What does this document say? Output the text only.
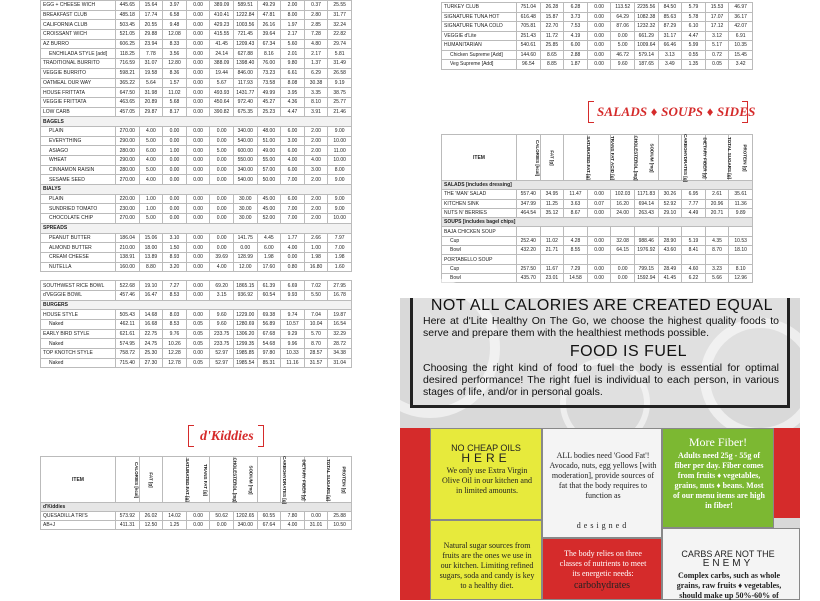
EGG + CHEESE WICH	445.65	15.64	3.97	0.00	389.09	589.51	49.29	2.00	0.37	25.55
BREAKFAST CLUB	485.18	17.74	6.58	0.00	410.41	1222.84	47.81	8.00	2.80	31.77
CALIFORNIA CLUB	503.45	20.55	9.48	0.00	429.23	1003.56	26.16	1.97	2.85	32.24
CROISSANT WICH	521.05	29.88	12.08	0.00	415.55	721.45	39.64	2.17	7.28	22.82
AZ BURRO	606.25	23.94	8.33	0.00	41.45	1209.43	67.34	5.60	4.80	29.74
ENCHILADA STYLE [add]	118.25	7.78	3.56	0.00	24.14	627.88	8.16	2.01	2.17	5.81
TRADITIONAL BURRITO	716.59	31.07	12.80	0.00	388.09	1398.40	76.00	9.80	1.37	31.49
VEGGIE BURRITO	598.21	19.58	8.36	0.00	19.44	846.00	73.23	6.61	6.29	26.58
OATMEAL OUR WAY	365.22	5.64	1.57	0.00	5.67	117.93	73.58	8.08	30.38	9.19
HOUSE FRITTATA	647.50	31.98	11.02	0.00	493.93	1431.77	49.99	3.95	3.35	38.75
VEGGIE FRITTATA	463.65	20.89	5.68	0.00	450.64	972.40	45.27	4.36	8.10	25.77
LOW CARB	457.05	29.87	8.17	0.00	390.82	675.35	25.23	4.47	3.91	21.46
BAGELS										
PLAIN	270.00	4.00	0.00	0.00	0.00	340.00	48.00	6.00	2.00	9.00
EVERYTHING	290.00	5.00	0.00	0.00	0.00	540.00	51.00	3.00	2.00	10.00
ASIAGO	280.00	6.00	1.00	0.00	5.00	600.00	49.00	6.00	2.00	11.00
WHEAT	290.00	4.00	0.00	0.00	0.00	550.00	55.00	4.00	4.00	10.00
CINNAMON RAISIN	280.00	5.00	0.00	0.00	0.00	340.00	57.00	6.00	3.00	8.00
SESAME SEED	270.00	4.00	0.00	0.00	0.00	540.00	50.00	7.00	2.00	9.00
BIALYS										
PLAIN	220.00	1.00	0.00	0.00	0.00	30.00	45.00	6.00	2.00	9.00
SUNDRIED TOMATO	230.00	1.00	0.00	0.00	0.00	30.00	45.00	7.00	2.00	9.00
CHOCOLATE CHIP	270.00	5.00	0.00	0.00	0.00	30.00	52.00	7.00	2.00	10.00
SPREADS										
PEANUT BUTTER	186.04	15.06	3.10	0.00	0.00	141.75	4.45	1.77	2.66	7.97
ALMOND BUTTER	210.00	18.00	1.50	0.00	0.00	0.00	6.00	4.00	1.00	7.00
CREAM CHEESE	138.91	13.89	8.93	0.00	39.69	128.99	1.98	0.00	1.98	1.98
NUTELLA	160.00	8.80	3.20	0.00	4.00	12.00	17.60	0.80	16.80	1.60

SOUTHWEST RICE BOWL	522.68	19.10	7.27	0.00	69.20	1865.15	61.39	6.69	7.02	27.95
d'VEGGIE BOWL	457.46	16.47	8.53	0.00	3.15	936.92	60.54	9.93	5.50	16.78
BURGERS										
HOUSE STYLE	505.43	14.68	8.03	0.00	9.60	1229.00	69.38	9.74	7.04	19.87
Naked	462.11	16.68	8.53	0.05	9.60	1280.69	56.89	10.57	10.04	16.54
EARLY BIRD STYLE	621.61	22.75	9.76	0.05	233.75	1306.20	67.68	9.29	5.70	32.29
Naked	574.95	24.75	10.26	0.05	233.75	1299.35	54.68	9.96	8.70	28.72
TOP KNOTCH STYLE	758.72	25.30	12.28	0.00	52.97	1985.85	97.80	10.33	28.57	34.38
Naked	715.40	27.30	12.78	0.05	52.97	1985.54	85.31	11.16	31.57	31.04
d'Kiddies
ITEM	CALORIES [kcal]	FAT [g]	SATURATED FAT [g]	TRANS FAT [g]	CHOLESTEROL [mg]	SODIUM [mg]	CARBOHYDRATES [g]	DIETARY FIBER [g]	TOTAL SUGARS [g]	PROTEIN [g]
d'Kiddies										
QUESADILLA TRI'S	573.92	26.02	14.02	0.00	50.62	1202.65	60.55	7.80	0.00	25.88
AB+J	411.31	12.50	1.25	0.00	0.00	340.00	67.64	4.00	31.01	10.50
TURKEY CLUB	751.04	26.28	6.28	0.00	113.52	2235.56	84.50	5.79	15.53	46.97
SIGNATURE TUNA HOT	616.48	15.87	3.73	0.00	64.29	1082.38	85.63	5.78	17.07	36.17
SIGNATURE TUNA COLD	705.81	22.70	7.53	0.00	87.06	1232.32	87.29	6.10	17.12	42.07
VEGGIE d'Lite	251.43	11.72	4.19	0.00	0.00	661.29	31.17	4.47	3.12	6.91
HUMANITARIAN	540.61	25.85	6.00	0.00	5.00	1009.64	66.46	5.99	5.17	10.35
Chicken Supreme [Add]	144.60	8.65	2.88	0.00	46.72	579.14	3.13	0.55	0.72	15.45
Veg Supreme [Add]	96.54	8.85	1.87	0.00	9.60	187.65	3.49	1.35	0.05	3.42
SALADS ♦ SOUPS ♦ SIDES
ITEM	CALORIES [kcal]	FAT [g]	SATURATED FAT [g]	TRANS FAT ACID [g]	CHOLESTEROL [mg]	SODIUM [mg]	CARBOHYDRATES [g]	DIETARY FIBER [g]	TOTAL SUGARS [g]	PROTEIN [g]
SALADS [includes dressing]										
THE 'MAN' SALAD	557.40	34.95	11.47	0.00	102.03	1171.83	30.26	6.95	2.61	35.61
KITCHEN SINK	347.99	11.25	3.63	0.07	16.20	694.14	52.92	7.77	20.96	11.36
NUTS N' BERRIES	464.54	35.12	8.67	0.00	24.00	263.43	29.10	4.49	20.71	9.89
SOUPS [includes bagel chips]										
BAJA CHICKEN SOUP										
Cup	252.40	11.02	4.28	0.00	32.08	988.46	28.90	5.19	4.35	10.53
Bowl	432.20	21.71	8.55	0.00	64.15	1976.92	43.60	8.41	8.70	18.10
PORTABELLO SOUP										
Cup	257.50	11.67	7.29	0.00	0.00	799.15	28.49	4.60	3.23	8.10
Bowl	435.70	23.01	14.58	0.00	0.00	1592.94	41.45	6.22	5.66	12.96
NOT ALL CALORIES ARE CREATED EQUAL
Here at d'Lite Healthy On The Go, we choose the highest quality foods to serve and prepare them with the healthiest methods possible.
FOOD IS FUEL
Choosing the right kind of food to fuel the body is essential for optimal desired performance! The right fuel is individual to each person, in various stages of life, and/or in personal goals.
NO CHEAP OILS
HERE
We only use Extra Virgin Olive Oil in our kitchen and in limited amounts.
ALL bodies need 'Good Fat'! Avocado, nuts, egg yellows [with moderation], provide sources of fat that the body requires to function as
designed
More Fiber!
Adults need 25g - 55g of fiber per day. Fiber comes from fruits ♦ vegetables, grains, nuts ♦ beans. Most of our menu items are high in fiber!
Natural sugar sources from fruits are the ones we use in our kitchen. Limiting refined sugars, soda and candy is key to a healthy diet.
The body relies on three classes of nutrients to meet its energetic needs:
carbohydrates
CARBS ARE NOT THE
ENEMY
Complex carbs, such as whole grains, raw fruits ♦ vegetables, should make up 50%-60% of
